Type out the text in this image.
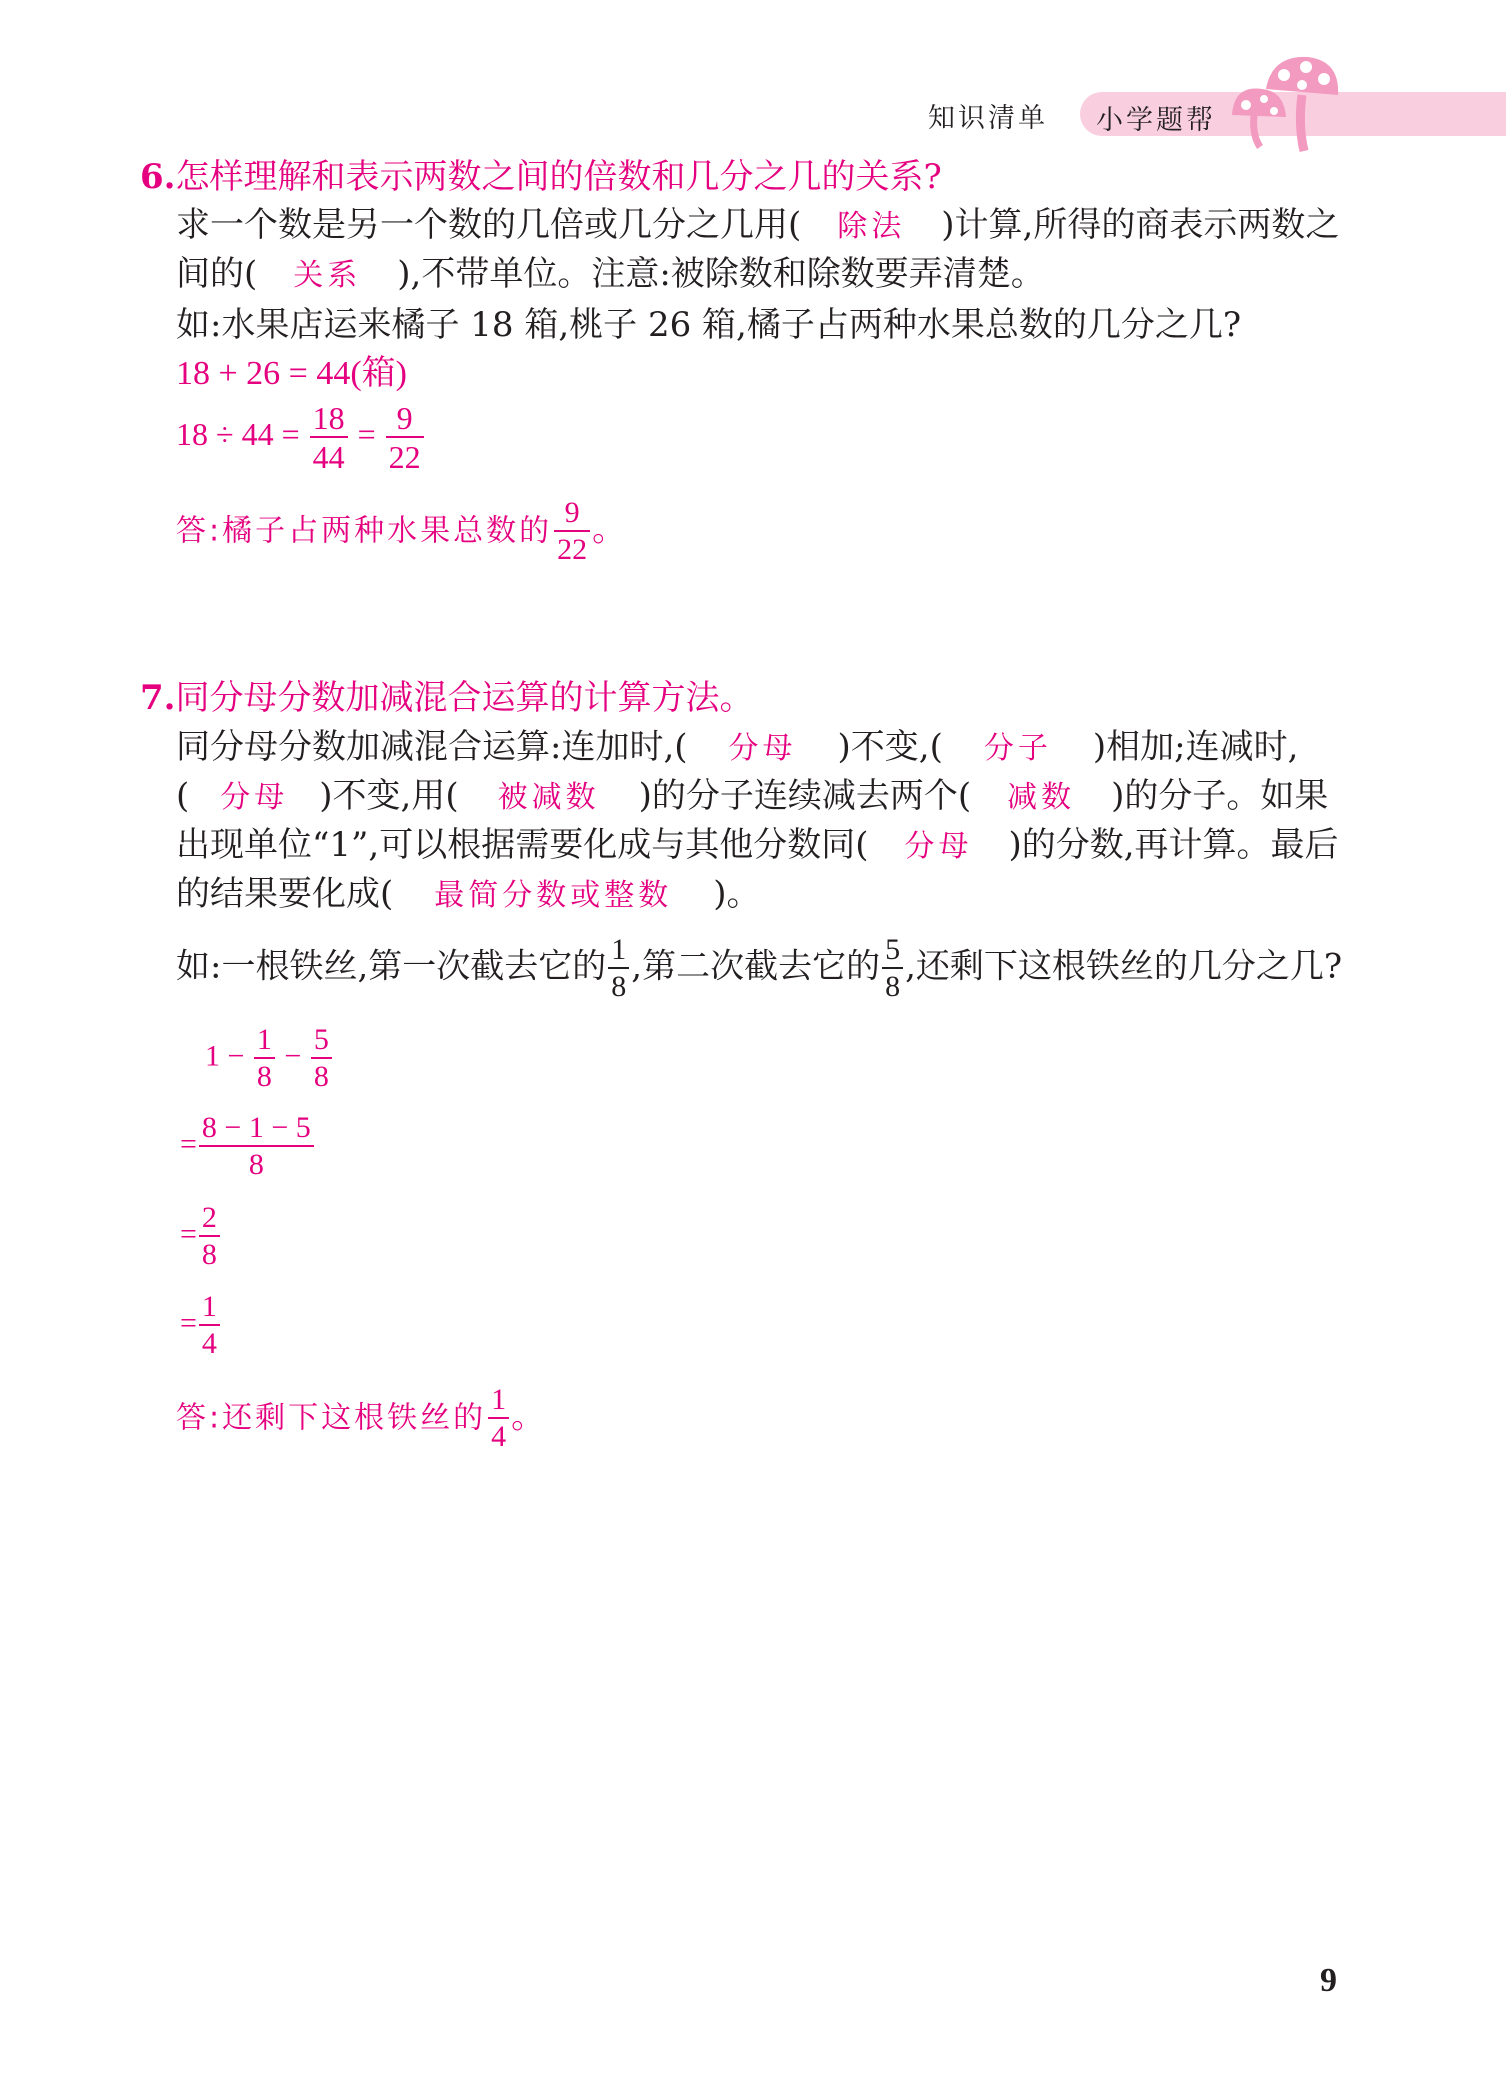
知识清单 小学题帮
6.怎样理解和表示两数之间的倍数和几分之几的关系?
求一个数是另一个数的几倍或几分之几用( 除法 )计算,所得的商表示两数之
间的( 关系 ),不带单位。注意:被除数和除数要弄清楚。
如:水果店运来橘子 18 箱,桃子 26 箱,橘子占两种水果总数的几分之几?
18 + 26 = 44(箱)
$18 \div 44 = \frac{18}{44} = \frac{9}{22}$
答:橘子占两种水果总数的 $\frac{9}{22}$ 。
7.同分母分数加减混合运算的计算方法。
同分母分数加减混合运算:连加时,( 分母 )不变,( 分子 )相加;连减时,
( 分母 )不变,用( 被减数 )的分子连续减去两个( 减数 )的分子。如果
出现单位“1”,可以根据需要化成与其他分数同( 分母 )的分数,再计算。最后
的结果要化成( 最简分数或整数 )。
如:一根铁丝,第一次截去它的 $\frac{1}{8}$ ,第二次截去它的 $\frac{5}{8}$ ,还剩下这根铁丝的几分之几?
$1 - \frac{1}{8} - \frac{5}{8}$
= $\frac{8 - 1 - 5}{8}$
= $\frac{2}{8}$
= $\frac{1}{4}$
答:还剩下这根铁丝的 $\frac{1}{4}$ 。
9
